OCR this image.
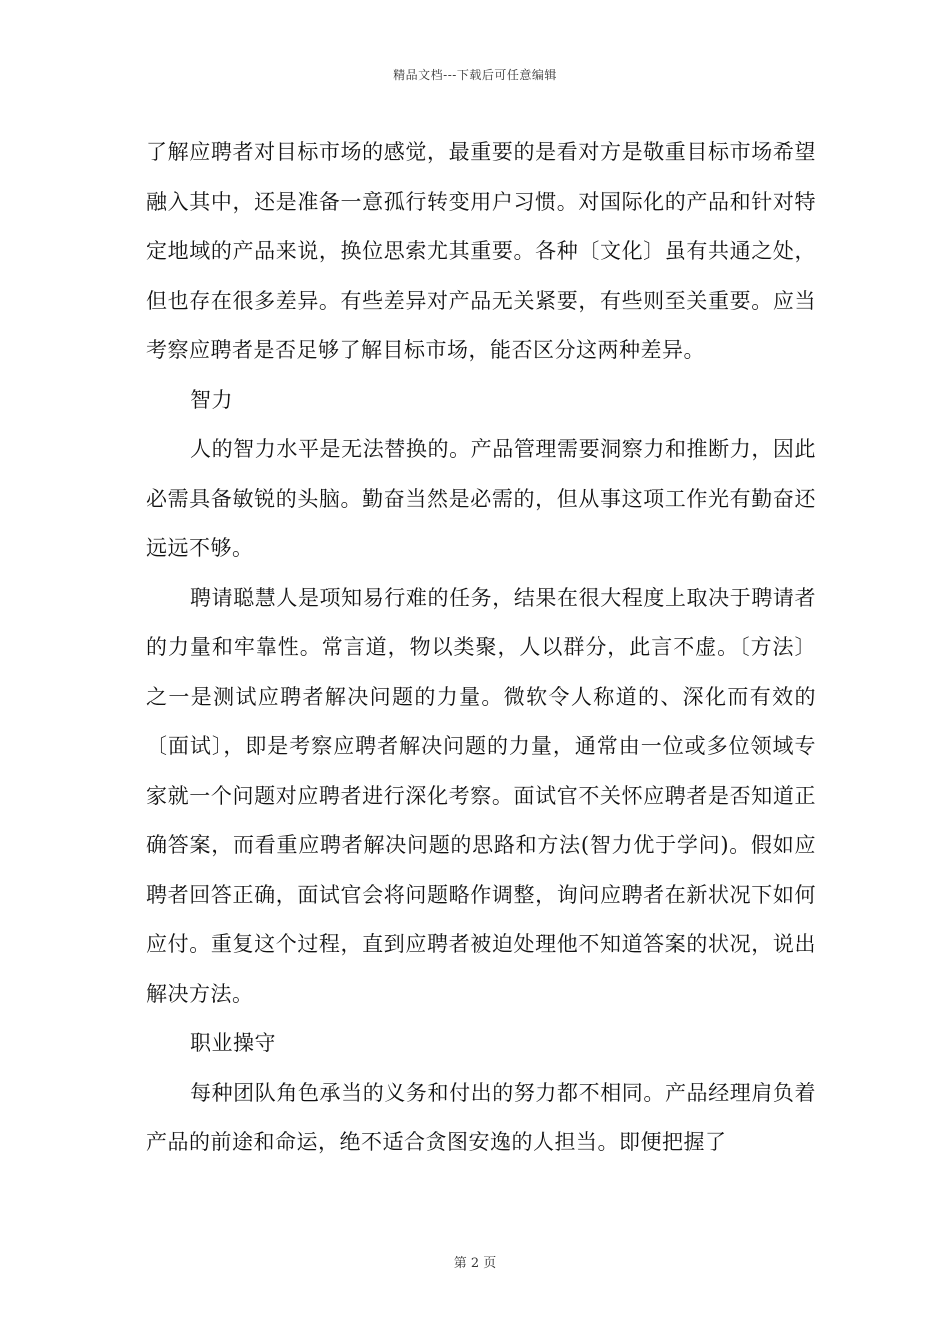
精品文档---下载后可任意编辑

了解应聘者对目标市场的感觉，最重要的是看对方是敬重目标市场希望融入其中，还是准备一意孤行转变用户习惯。对国际化的产品和针对特定地域的产品来说，换位思索尤其重要。各种〔文化〕虽有共通之处，但也存在很多差异。有些差异对产品无关紧要，有些则至关重要。应当考察应聘者是否足够了解目标市场，能否区分这两种差异。

智力

人的智力水平是无法替换的。产品管理需要洞察力和推断力，因此必需具备敏锐的头脑。勤奋当然是必需的，但从事这项工作光有勤奋还远远不够。

聘请聪慧人是项知易行难的任务，结果在很大程度上取决于聘请者的力量和牢靠性。常言道，物以类聚，人以群分，此言不虚。〔方法〕之一是测试应聘者解决问题的力量。微软令人称道的、深化而有效的〔面试〕，即是考察应聘者解决问题的力量，通常由一位或多位领域专家就一个问题对应聘者进行深化考察。面试官不关怀应聘者是否知道正确答案，而看重应聘者解决问题的思路和方法(智力优于学问)。假如应聘者回答正确，面试官会将问题略作调整，询问应聘者在新状况下如何应付。重复这个过程，直到应聘者被迫处理他不知道答案的状况，说出解决方法。

职业操守

每种团队角色承当的义务和付出的努力都不相同。产品经理肩负着产品的前途和命运，绝不适合贪图安逸的人担当。即便把握了

第 2 页
